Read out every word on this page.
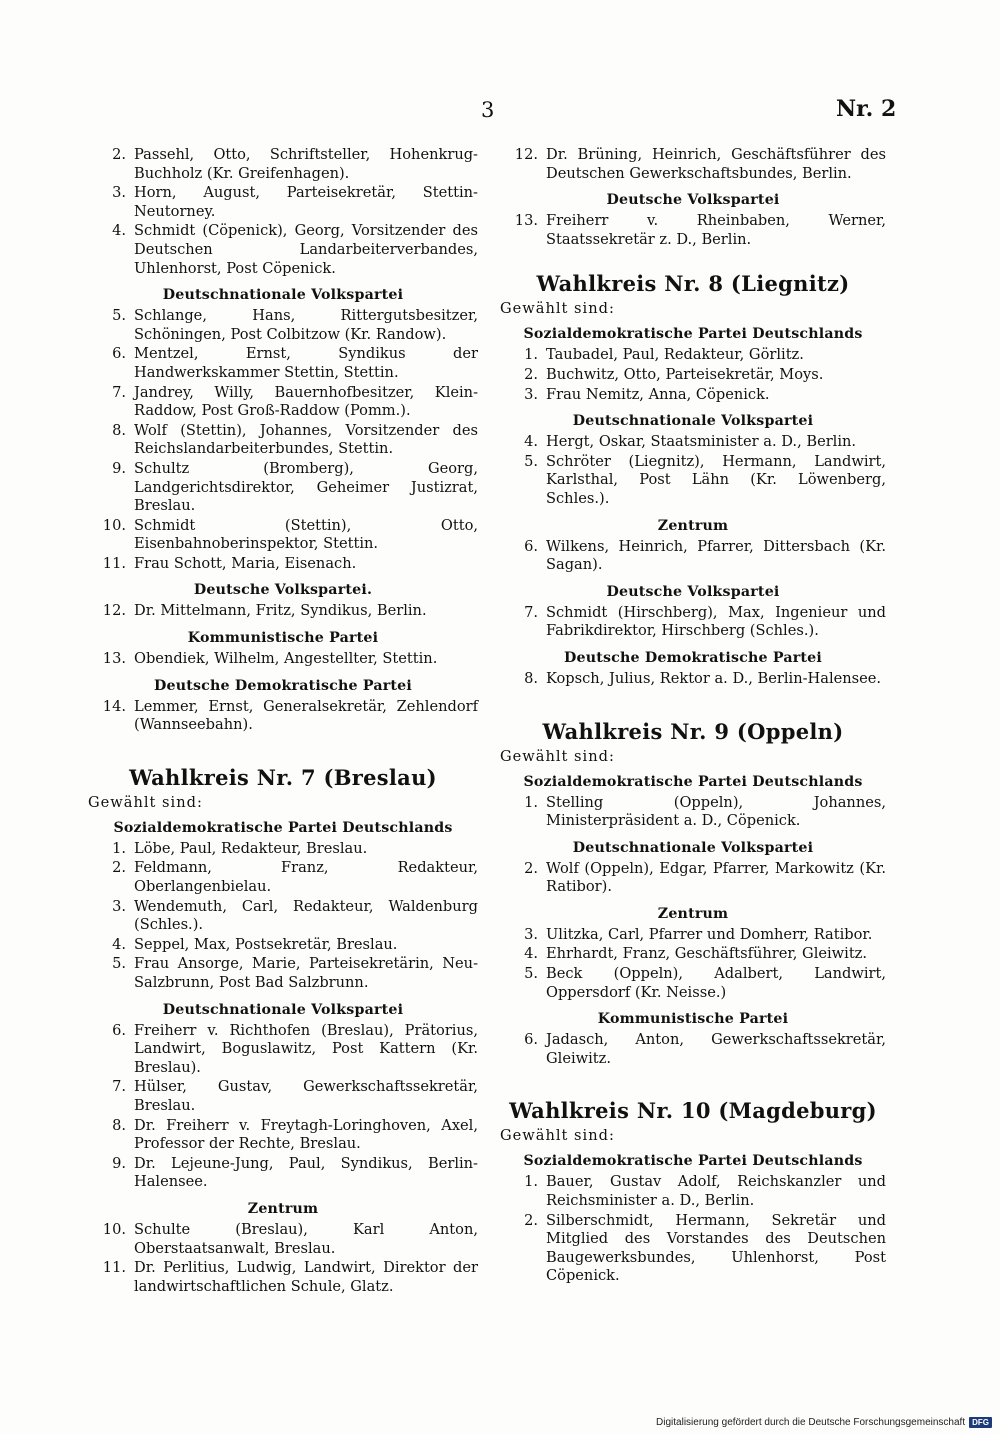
3	Nr. 2
2. Passehl, Otto, Schriftsteller, Hohenkrug-Buchholz (Kr. Greifenhagen).
3. Horn, August, Parteisekretär, Stettin-Neutorney.
4. Schmidt (Cöpenick), Georg, Vorsitzender des Deutschen Landarbeiterverbandes, Uhlenhorst, Post Cöpenick.
Deutschnationale Volkspartei
5. Schlange, Hans, Rittergutsbesitzer, Schöningen, Post Colbitzow (Kr. Randow).
6. Mentzel, Ernst, Syndikus der Handwerkskammer Stettin, Stettin.
7. Jandrey, Willy, Bauernhofbesitzer, Klein-Raddow, Post Groß-Raddow (Pomm.).
8. Wolf (Stettin), Johannes, Vorsitzender des Reichslandarbeiterbundes, Stettin.
9. Schultz (Bromberg), Georg, Landgerichtsdirektor, Geheimer Justizrat, Breslau.
10. Schmidt (Stettin), Otto, Eisenbahnoberinspektor, Stettin.
11. Frau Schott, Maria, Eisenach.
Deutsche Volkspartei.
12. Dr. Mittelmann, Fritz, Syndikus, Berlin.
Kommunistische Partei
13. Obendiek, Wilhelm, Angestellter, Stettin.
Deutsche Demokratische Partei
14. Lemmer, Ernst, Generalsekretär, Zehlendorf (Wannseebahn).
Wahlkreis Nr. 7 (Breslau)
Gewählt sind:
Sozialdemokratische Partei Deutschlands
1. Löbe, Paul, Redakteur, Breslau.
2. Feldmann, Franz, Redakteur, Oberlangenbielau.
3. Wendemuth, Carl, Redakteur, Waldenburg (Schles.).
4. Seppel, Max, Postsekretär, Breslau.
5. Frau Ansorge, Marie, Parteisekretärin, Neu-Salzbrunn, Post Bad Salzbrunn.
Deutschnationale Volkspartei
6. Freiherr v. Richthofen (Breslau), Prätorius, Landwirt, Boguslawitz, Post Kattern (Kr. Breslau).
7. Hülser, Gustav, Gewerkschaftssekretär, Breslau.
8. Dr. Freiherr v. Freytagh-Loringhoven, Axel, Professor der Rechte, Breslau.
9. Dr. Lejeune-Jung, Paul, Syndikus, Berlin-Halensee.
Zentrum
10. Schulte (Breslau), Karl Anton, Oberstaatsanwalt, Breslau.
11. Dr. Perlitius, Ludwig, Landwirt, Direktor der landwirtschaftlichen Schule, Glatz.
12. Dr. Brüning, Heinrich, Geschäftsführer des Deutschen Gewerkschaftsbundes, Berlin.
Deutsche Volkspartei
13. Freiherr v. Rheinbaben, Werner, Staatssekretär z. D., Berlin.
Wahlkreis Nr. 8 (Liegnitz)
Gewählt sind:
Sozialdemokratische Partei Deutschlands
1. Taubadel, Paul, Redakteur, Görlitz.
2. Buchwitz, Otto, Parteisekretär, Moys.
3. Frau Nemitz, Anna, Cöpenick.
Deutschnationale Volkspartei
4. Hergt, Oskar, Staatsminister a. D., Berlin.
5. Schröter (Liegnitz), Hermann, Landwirt, Karlsthal, Post Lähn (Kr. Löwenberg, Schles.).
Zentrum
6. Wilkens, Heinrich, Pfarrer, Dittersbach (Kr. Sagan).
Deutsche Volkspartei
7. Schmidt (Hirschberg), Max, Ingenieur und Fabrikdirektor, Hirschberg (Schles.).
Deutsche Demokratische Partei
8. Kopsch, Julius, Rektor a. D., Berlin-Halensee.
Wahlkreis Nr. 9 (Oppeln)
Gewählt sind:
Sozialdemokratische Partei Deutschlands
1. Stelling (Oppeln), Johannes, Ministerpräsident a. D., Cöpenick.
Deutschnationale Volkspartei
2. Wolf (Oppeln), Edgar, Pfarrer, Markowitz (Kr. Ratibor).
Zentrum
3. Ulitzka, Carl, Pfarrer und Domherr, Ratibor.
4. Ehrhardt, Franz, Geschäftsführer, Gleiwitz.
5. Beck (Oppeln), Adalbert, Landwirt, Oppersdorf (Kr. Neisse.)
Kommunistische Partei
6. Jadasch, Anton, Gewerkschaftssekretär, Gleiwitz.
Wahlkreis Nr. 10 (Magdeburg)
Gewählt sind:
Sozialdemokratische Partei Deutschlands
1. Bauer, Gustav Adolf, Reichskanzler und Reichsminister a. D., Berlin.
2. Silberschmidt, Hermann, Sekretär und Mitglied des Vorstandes des Deutschen Baugewerksbundes, Uhlenhorst, Post Cöpenick.
Digitalisierung gefördert durch die Deutsche Forschungsgemeinschaft DFG
